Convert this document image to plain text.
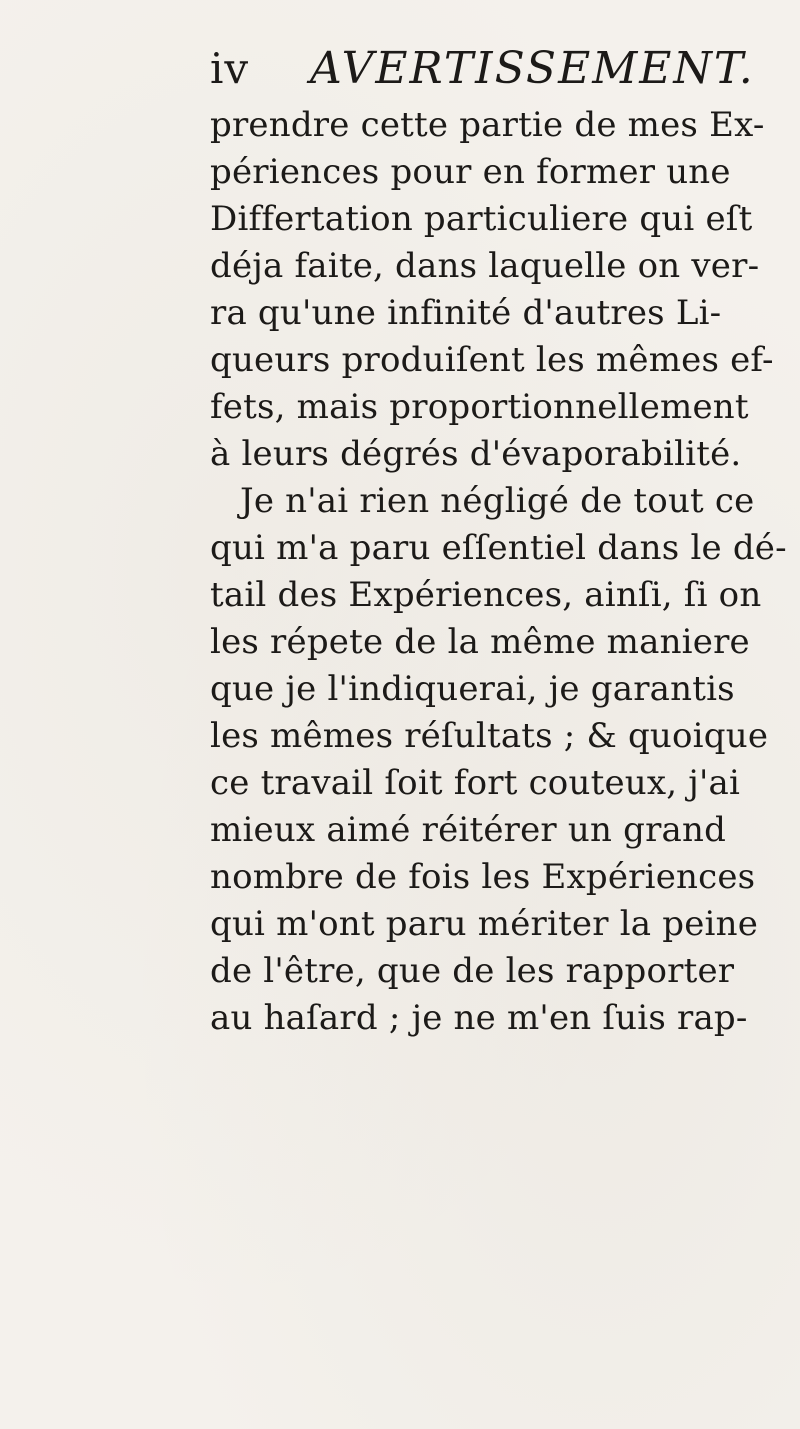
iv AVERTISSEMENT.
prendre cette partie de mes Ex-
périences pour en former une
Differtation particuliere qui eſt
déja faite, dans laquelle on ver-
ra qu'une infinité d'autres Li-
queurs produiſent les mêmes ef-
fets, mais proportionnellement
à leurs dégrés d'évaporabilité.
Je n'ai rien négligé de tout ce
qui m'a paru eſſentiel dans le dé-
tail des Expériences, ainſi, ſi on
les répete de la même maniere
que je l'indiquerai, je garantis
les mêmes réſultats ; & quoique
ce travail ſoit fort couteux, j'ai
mieux aimé réitérer un grand
nombre de fois les Expériences
qui m'ont paru mériter la peine
de l'être, que de les rapporter
au haſard ; je ne m'en ſuis rap-
